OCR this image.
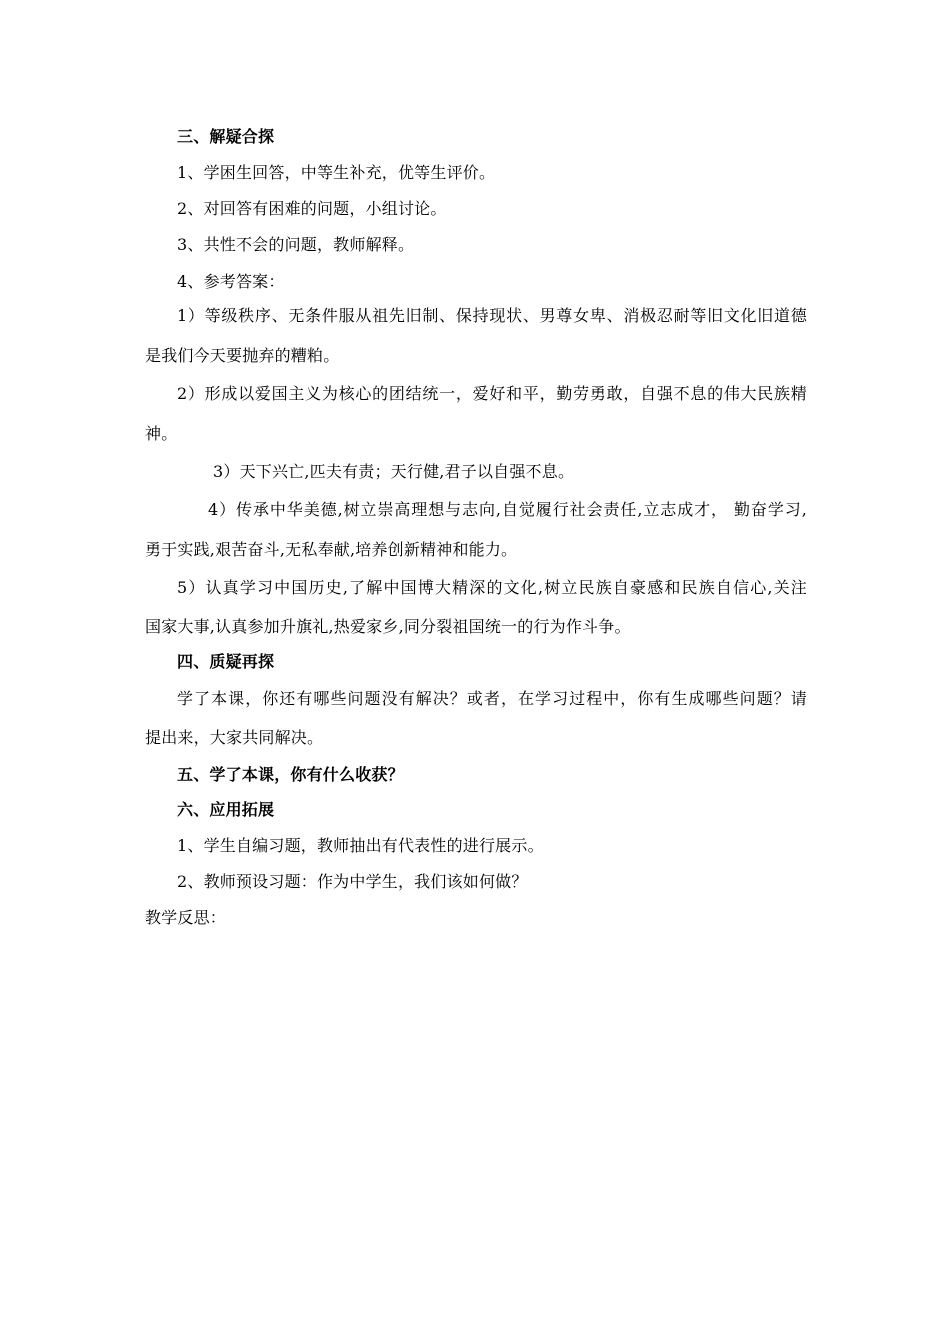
三、解疑合探
1、学困生回答，中等生补充，优等生评价。
2、对回答有困难的问题，小组讨论。
3、共性不会的问题，教师解释。
4、参考答案：
1）等级秩序、无条件服从祖先旧制、保持现状、男尊女卑、消极忍耐等旧文化旧道德
是我们今天要抛弃的糟粕。
2）形成以爱国主义为核心的团结统一，爱好和平，勤劳勇敢，自强不息的伟大民族精
神。
3）天下兴亡,匹夫有责；天行健,君子以自强不息。
4）传承中华美德,树立崇高理想与志向,自觉履行社会责任,立志成才， 勤奋学习,
勇于实践,艰苦奋斗,无私奉献,培养创新精神和能力。
5）认真学习中国历史,了解中国博大精深的文化,树立民族自豪感和民族自信心,关注
国家大事,认真参加升旗礼,热爱家乡,同分裂祖国统一的行为作斗争。
四、质疑再探
学了本课，你还有哪些问题没有解决？或者，在学习过程中，你有生成哪些问题？请
提出来，大家共同解决。
五、学了本课，你有什么收获？
六、应用拓展
1、学生自编习题，教师抽出有代表性的进行展示。
2、教师预设习题：作为中学生，我们该如何做？
教学反思：
